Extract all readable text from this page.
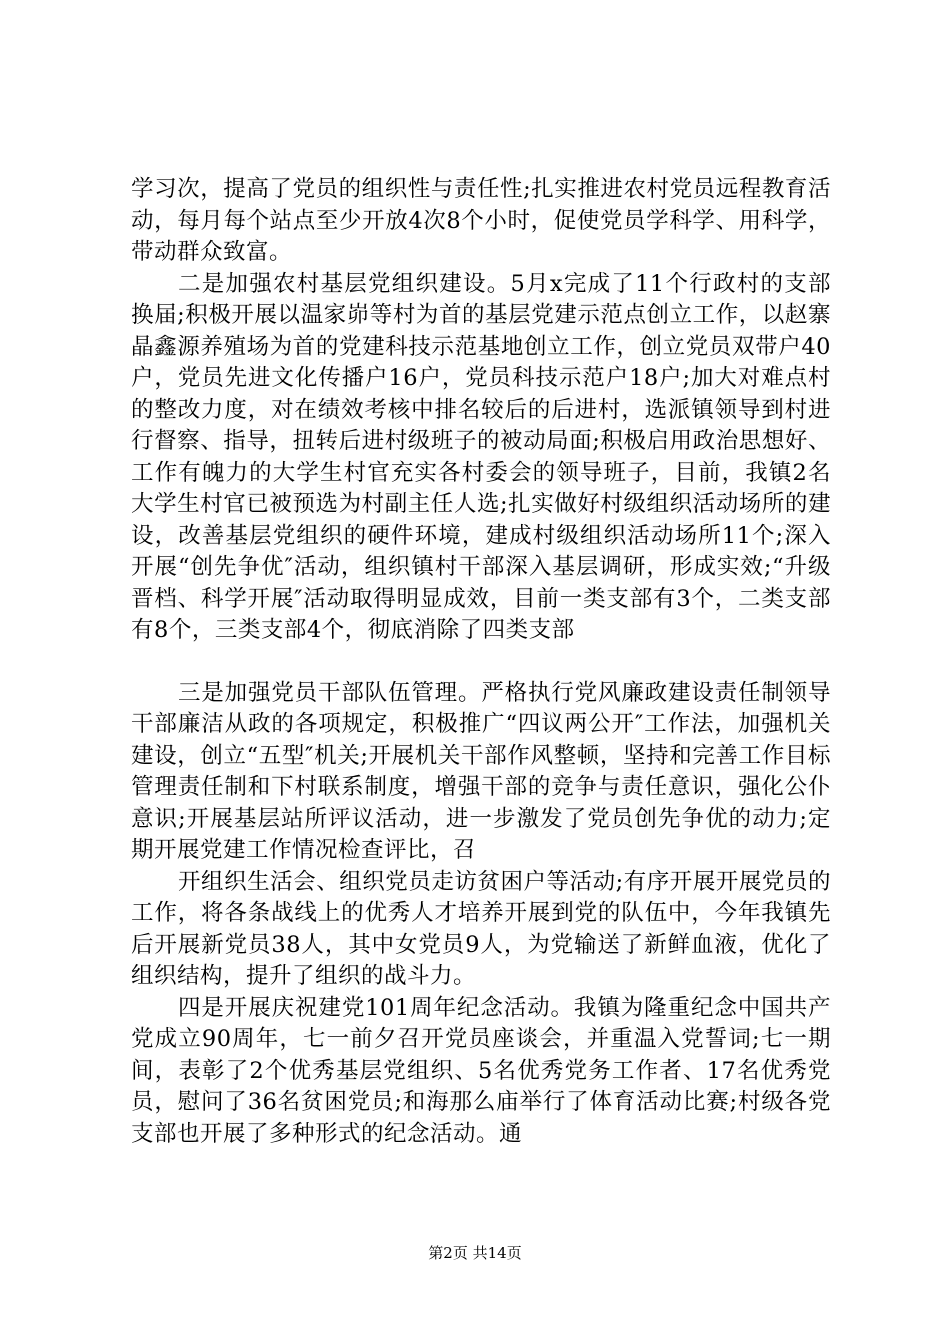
学习次，提高了党员的组织性与责任性;扎实推进农村党员远程教育活动，每月每个站点至少开放4次8个小时，促使党员学科学、用科学，带动群众致富。

二是加强农村基层党组织建设。5月x完成了11个行政村的支部换届;积极开展以温家峁等村为首的基层党建示范点创立工作，以赵寨晶鑫源养殖场为首的党建科技示范基地创立工作，创立党员双带户40户，党员先进文化传播户16户，党员科技示范户18户;加大对难点村的整改力度，对在绩效考核中排名较后的后进村，选派镇领导到村进行督察、指导，扭转后进村级班子的被动局面;积极启用政治思想好、工作有魄力的大学生村官充实各村委会的领导班子，目前，我镇2名大学生村官已被预选为村副主任人选;扎实做好村级组织活动场所的建设，改善基层党组织的硬件环境，建成村级组织活动场所11个;深入开展“创先争优″活动，组织镇村干部深入基层调研，形成实效;“升级晋档、科学开展″活动取得明显成效，目前一类支部有3个，二类支部有8个，三类支部4个，彻底消除了四类支部

三是加强党员干部队伍管理。严格执行党风廉政建设责任制领导干部廉洁从政的各项规定，积极推广“四议两公开″工作法，加强机关建设，创立“五型″机关;开展机关干部作风整顿，坚持和完善工作目标管理责任制和下村联系制度，增强干部的竞争与责任意识，强化公仆意识;开展基层站所评议活动，进一步激发了党员创先争优的动力;定期开展党建工作情况检查评比，召

开组织生活会、组织党员走访贫困户等活动;有序开展开展党员的工作，将各条战线上的优秀人才培养开展到党的队伍中，今年我镇先后开展新党员38人，其中女党员9人，为党输送了新鲜血液，优化了组织结构，提升了组织的战斗力。

四是开展庆祝建党101周年纪念活动。我镇为隆重纪念中国共产党成立90周年，七一前夕召开党员座谈会，并重温入党誓词;七一期间，表彰了2个优秀基层党组织、5名优秀党务工作者、17名优秀党员，慰问了36名贫困党员;和海那么庙举行了体育活动比赛;村级各党支部也开展了多种形式的纪念活动。通

第2页 共14页
